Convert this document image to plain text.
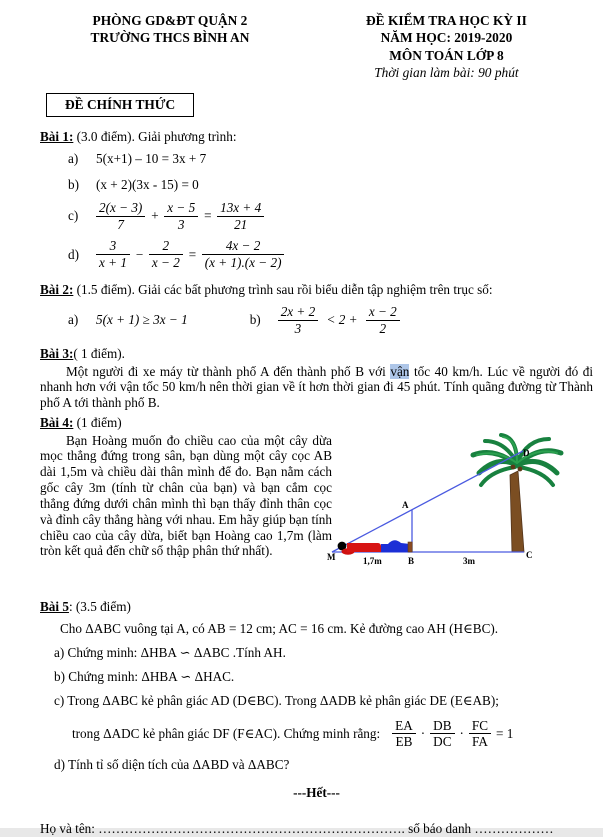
PHÒNG GD&ĐT QUẬN 2
TRƯỜNG THCS BÌNH AN
ĐỀ KIỂM TRA HỌC KỲ II
NĂM HỌC: 2019-2020
MÔN TOÁN LỚP 8
Thời gian làm bài: 90 phút
ĐỀ CHÍNH THỨC
Bài 1: (3.0 điểm). Giải phương trình:
a)	5(x+1) – 10 = 3x + 7
b)	(x + 2)(3x - 15) = 0
c)	$\frac{2(x - 3)}{7} + \frac{x - 5}{3} = \frac{13x + 4}{21}$
d)	$\frac{3}{x + 1} - \frac{2}{x - 2} = \frac{4x - 2}{(x + 1).(x - 2)}$
Bài 2: (1.5 điểm). Giải các bất phương trình sau rồi biểu diễn tập nghiệm trên trục số:
a)	5(x + 1) ≥ 3x − 1	b)	$\frac{2x + 2}{3} < 2 + \frac{x - 2}{2}$
Bài 3:( 1 điểm).
Một người đi xe máy từ thành phố A đến thành phố B với vận tốc 40 km/h. Lúc về người đó đi nhanh hơn với vận tốc 50 km/h nên thời gian về ít hơn thời gian đi 45 phút. Tính quãng đường từ Thành phố A tới thành phố B.
Bài 4: (1 điểm)
Bạn Hoàng muốn đo chiều cao của một cây dừa mọc thẳng đứng trong sân, bạn dùng một cây cọc AB dài 1,5m và chiều dài thân mình để đo. Bạn nằm cách gốc cây 3m (tính từ chân của bạn) và bạn cắm cọc thẳng đứng dưới chân mình thì bạn thấy đỉnh thân cọc và đỉnh cây thẳng hàng với nhau. Em hãy giúp bạn tính chiều cao của cây dừa, biết bạn Hoàng cao 1,7m (làm tròn kết quả đến chữ số thập phân thứ nhất).	M	1,7m	B	3m
C
A
D
Bài 5: (3.5 điểm)
Cho ΔABC vuông tại A, có AB = 12 cm; AC = 16 cm. Kẻ đường cao AH (H∈BC).
a) Chứng minh: ΔHBA ∽ ΔABC .Tính AH.
b) Chứng minh: ΔHBA ∽ ΔHAC.
c) Trong ΔABC kẻ phân giác AD (D∈BC). Trong ΔADB kẻ phân giác DE (E∈AB);
trong ΔADC kẻ phân giác DF (F∈AC). Chứng minh rằng: $\frac{EA}{EB} \cdot \frac{DB}{DC} \cdot \frac{FC}{FA} = 1$
d) Tính tỉ số diện tích của ΔABD và ΔABC?
---Hết---
Họ và tên: ……………………………………………………………. số báo danh ………………
